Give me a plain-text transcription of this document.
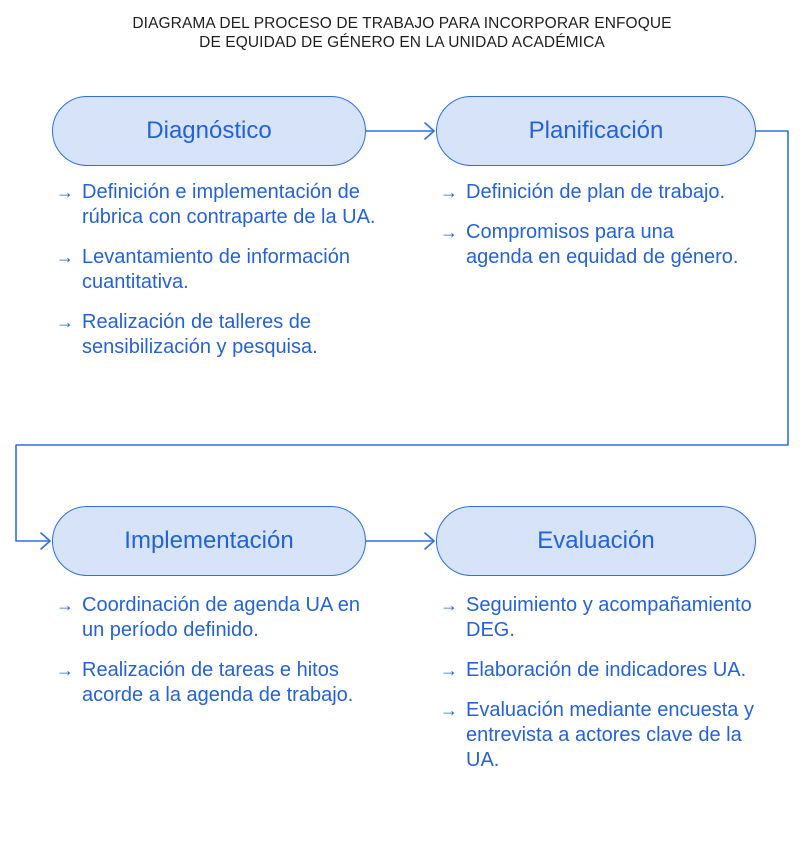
DIAGRAMA DEL PROCESO DE TRABAJO PARA INCORPORAR ENFOQUE
DE EQUIDAD DE GÉNERO EN LA UNIDAD ACADÉMICA
Diagnóstico	Planificación
Implementación	Evaluación
→ Definición e implementación de rúbrica con contraparte de la UA.
→ Levantamiento de información cuantitativa.
→ Realización de talleres de sensibilización y pesquisa.
→ Definición de plan de trabajo.
→ Compromisos para una agenda en equidad de género.
→ Coordinación de agenda UA en un período definido.
→ Realización de tareas e hitos acorde a la agenda de trabajo.
→ Seguimiento y acompañamiento DEG.
→ Elaboración de indicadores UA.
→ Evaluación mediante encuesta y entrevista a actores clave de la UA.
